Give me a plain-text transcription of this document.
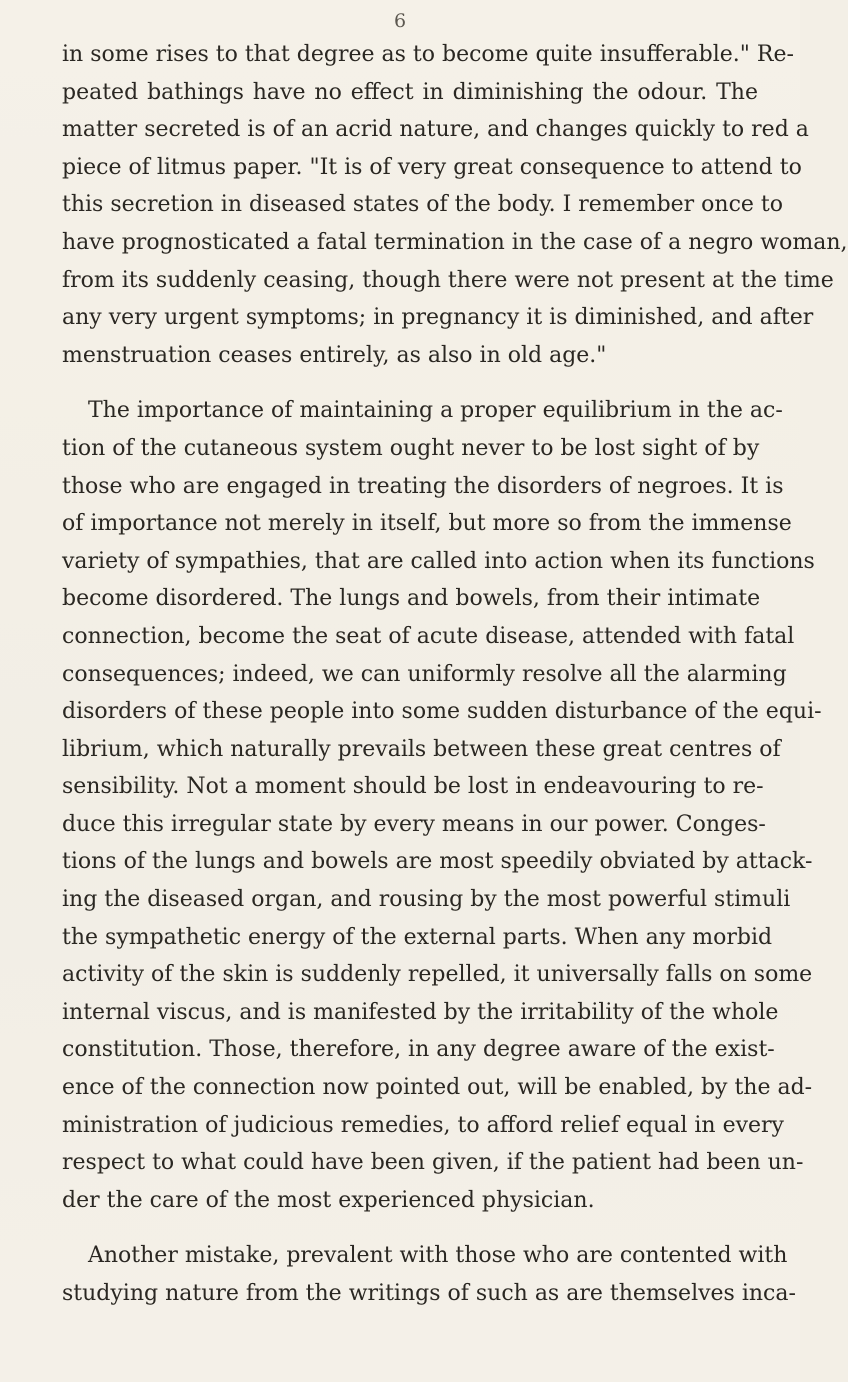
6
in some rises to that degree as to become quite insufferable." Re-
peated bathings have no effect in diminishing the odour. The
matter secreted is of an acrid nature, and changes quickly to red a
piece of litmus paper. "It is of very great consequence to attend to
this secretion in diseased states of the body. I remember once to
have prognosticated a fatal termination in the case of a negro woman,
from its suddenly ceasing, though there were not present at the time
any very urgent symptoms; in pregnancy it is diminished, and after
menstruation ceases entirely, as also in old age."
The importance of maintaining a proper equilibrium in the ac-
tion of the cutaneous system ought never to be lost sight of by
those who are engaged in treating the disorders of negroes. It is
of importance not merely in itself, but more so from the immense
variety of sympathies, that are called into action when its functions
become disordered. The lungs and bowels, from their intimate
connection, become the seat of acute disease, attended with fatal
consequences; indeed, we can uniformly resolve all the alarming
disorders of these people into some sudden disturbance of the equi-
librium, which naturally prevails between these great centres of
sensibility. Not a moment should be lost in endeavouring to re-
duce this irregular state by every means in our power. Conges-
tions of the lungs and bowels are most speedily obviated by attack-
ing the diseased organ, and rousing by the most powerful stimuli
the sympathetic energy of the external parts. When any morbid
activity of the skin is suddenly repelled, it universally falls on some
internal viscus, and is manifested by the irritability of the whole
constitution. Those, therefore, in any degree aware of the exist-
ence of the connection now pointed out, will be enabled, by the ad-
ministration of judicious remedies, to afford relief equal in every
respect to what could have been given, if the patient had been un-
der the care of the most experienced physician.
Another mistake, prevalent with those who are contented with
studying nature from the writings of such as are themselves inca-
